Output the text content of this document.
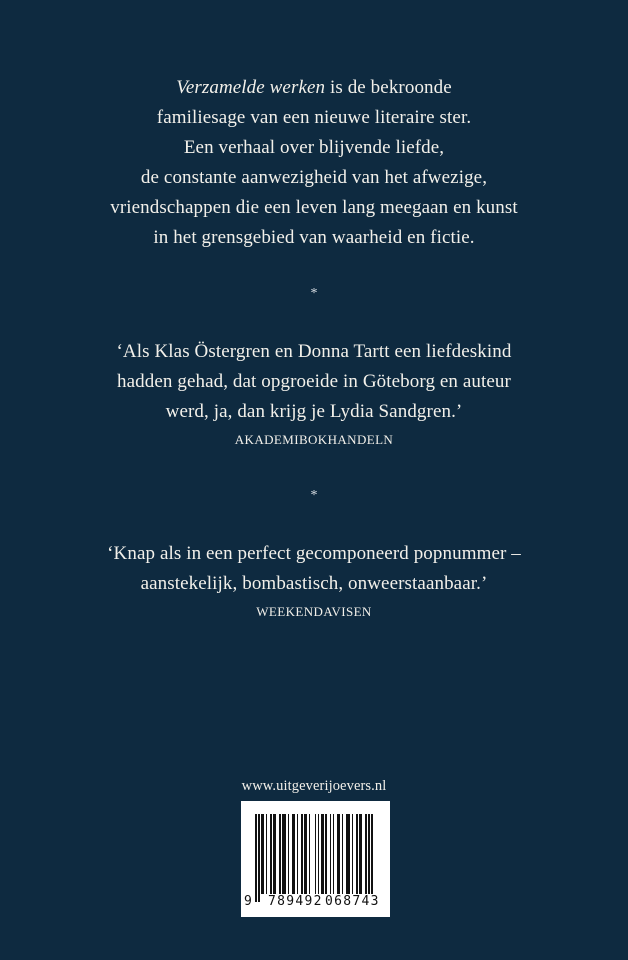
Verzamelde werken is de bekroonde
familiesage van een nieuwe literaire ster.
Een verhaal over blijvende liefde,
de constante aanwezigheid van het afwezige,
vriendschappen die een leven lang meegaan en kunst
in het grensgebied van waarheid en fictie.
*
‘Als Klas Östergren en Donna Tartt een liefdeskind
hadden gehad, dat opgroeide in Göteborg en auteur
werd, ja, dan krijg je Lydia Sandgren.’
AKADEMIBOKHANDELN
*
‘Knap als in een perfect gecomponeerd popnummer –
aanstekelijk, bombastisch, onweerstaanbaar.’
WEEKENDAVISEN
www.uitgeverijoevers.nl
9 789492 068743
